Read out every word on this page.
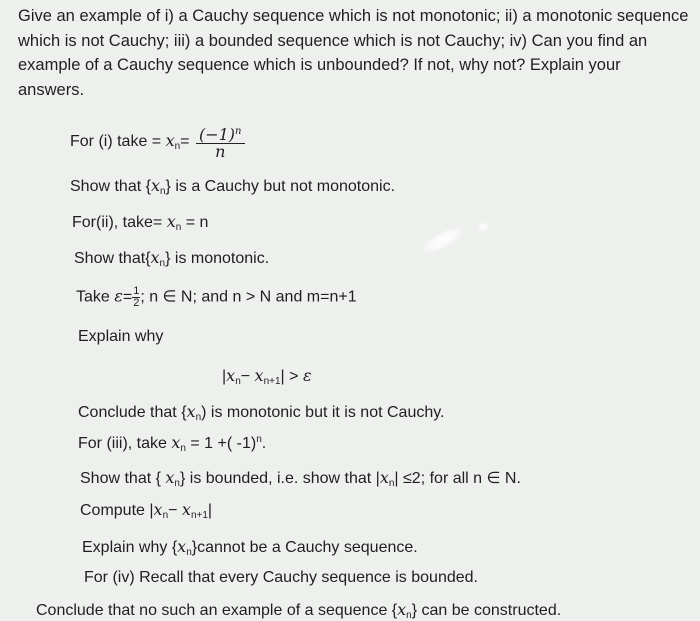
Give an example of i) a Cauchy sequence which is not monotonic; ii) a monotonic sequence which is not Cauchy; iii) a bounded sequence which is not Cauchy; iv) Can you find an example of a Cauchy sequence which is unbounded? If not, why not? Explain your answers.
For (i) take = $x_n= \frac{(-1)^n}{n}$
Show that $\{x_n\}$ is a Cauchy but not monotonic.
For(ii), take= $x_n = n$
Show $that\{x_n\}$ is monotonic.
Take $\varepsilon= \frac{1}{2}$ ; n ∈ N; and n > N and m=n+1
Explain why
$|x_n- x_{n+1}| > \varepsilon$
Conclude that $\{x_n)$ is monotonic but it is not Cauchy.
For (iii), take $x_n = 1$ +( -1)$^n$.
Show that { $x_n$} is bounded, i.e. show that $|x_n| \le 2$; for all n ∈ N.
Compute $|x_n- x_{n+1}|$
Explain why $\{x_n\}cannot$ be a Cauchy sequence.
For (iv) Recall that every Cauchy sequence is bounded.
Conclude that no such an example of a sequence $\{x_n\}$ can be constructed.
